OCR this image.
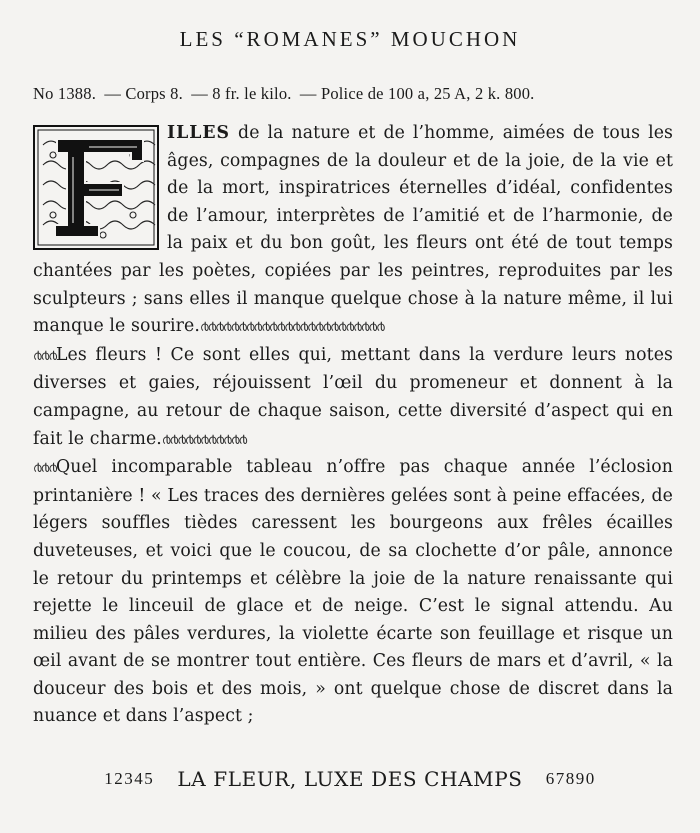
LES “ROMANES” MOUCHON
No 1388. — Corps 8. — 8 fr. le kilo. — Police de 100 a, 25 A, 2 k. 800.

ILLES de la nature et de l’homme, aimées de tous les âges, compagnes de la douleur et de la joie, de la vie et de la mort, inspiratrices éternelles d’idéal, confidentes de l’amour, interprètes de l’amitié et de l’harmonie, de la paix et du bon goût, les fleurs ont été de tout temps chantées par les poètes, copiées par les peintres, reproduites par les sculpteurs ; sans elles il manque quelque chose à la nature même, il lui manque le sourire.൪൪൪൪൪൪൪൪൪൪൪൪൪൪൪൪൪൪൪൪൪൪൪൪

൪൪൪Les fleurs ! Ce sont elles qui, mettant dans la verdure leurs notes diverses et gaies, réjouissent l’œil du promeneur et donnent à la campagne, au retour de chaque saison, cette diversité d’aspect qui en fait le charme.൪൪൪൪൪൪൪൪൪൪൪

൪൪൪Quel incomparable tableau n’offre pas chaque année l’éclosion printanière ! « Les traces des dernières gelées sont à peine effacées, de légers souffles tièdes caressent les bourgeons aux frêles écailles duveteuses, et voici que le coucou, de sa clochette d’or pâle, annonce le retour du printemps et célèbre la joie de la nature renaissante qui rejette le linceuil de glace et de neige. C’est le signal attendu. Au milieu des pâles verdures, la violette écarte son feuillage et risque un œil avant de se montrer tout entière. Ces fleurs de mars et d’avril, « la douceur des bois et des mois, » ont quelque chose de discret dans la nuance et dans l’aspect ;

12345 LA FLEUR, LUXE DES CHAMPS 67890
